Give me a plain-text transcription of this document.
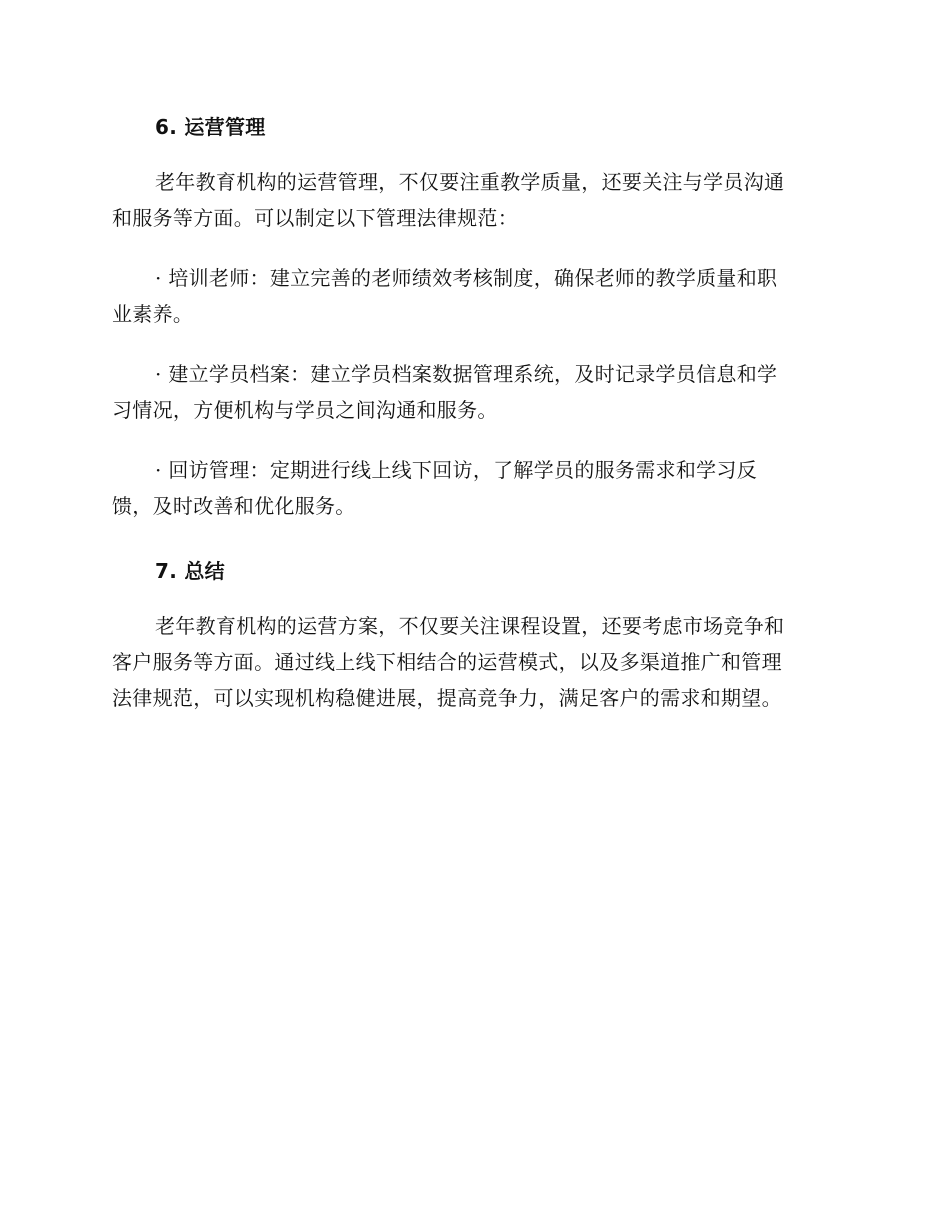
6. 运营管理
老年教育机构的运营管理，不仅要注重教学质量，还要关注与学员沟通
和服务等方面。可以制定以下管理法律规范：
· 培训老师：建立完善的老师绩效考核制度，确保老师的教学质量和职
业素养。
· 建立学员档案：建立学员档案数据管理系统，及时记录学员信息和学
习情况，方便机构与学员之间沟通和服务。
· 回访管理：定期进行线上线下回访，了解学员的服务需求和学习反
馈，及时改善和优化服务。
7. 总结
老年教育机构的运营方案，不仅要关注课程设置，还要考虑市场竞争和
客户服务等方面。通过线上线下相结合的运营模式，以及多渠道推广和管理
法律规范，可以实现机构稳健进展，提高竞争力，满足客户的需求和期望。
